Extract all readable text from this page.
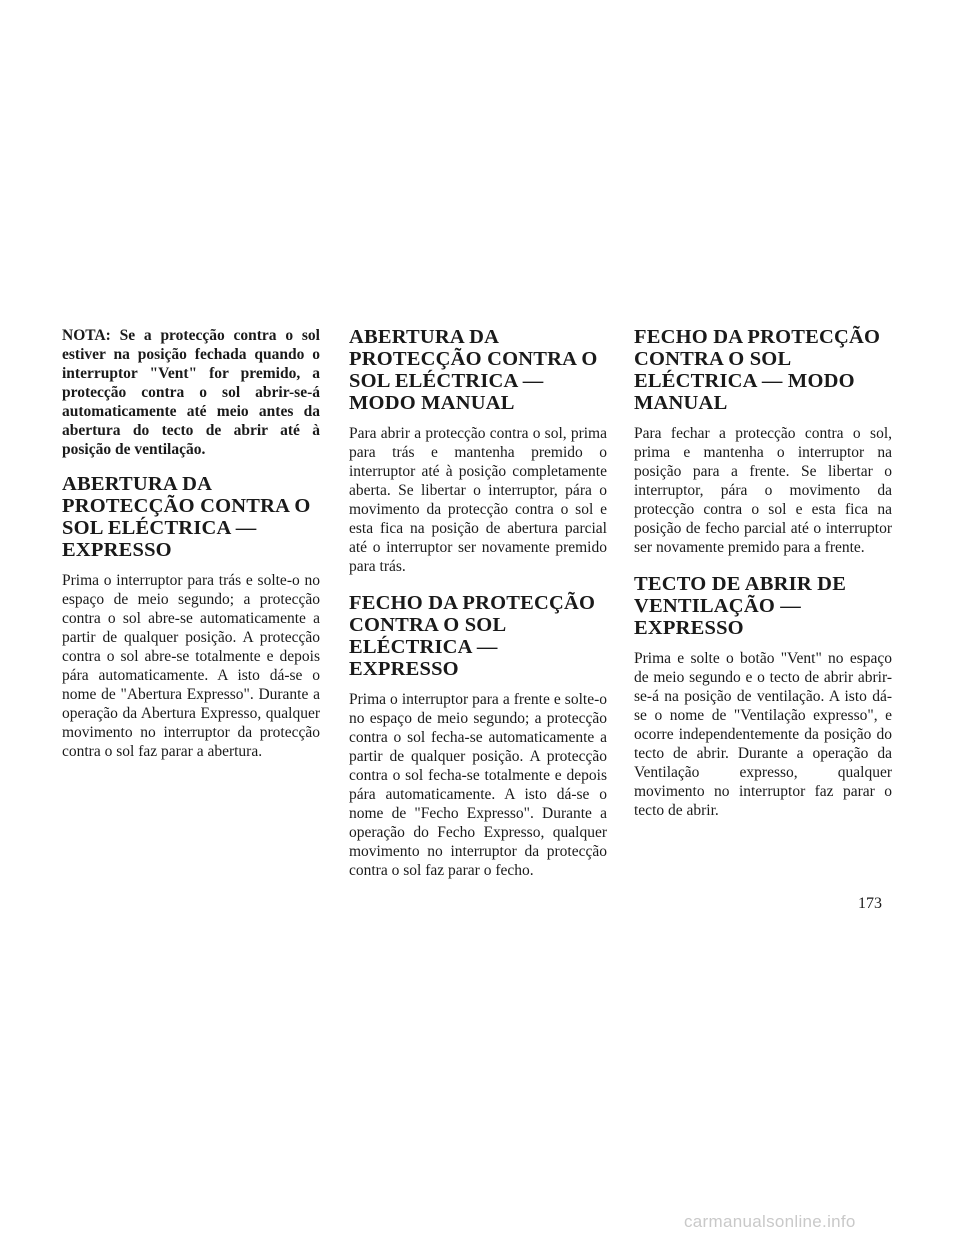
NOTA: Se a protecção contra o sol estiver na posição fechada quando o interruptor "Vent" for premido, a protecção contra o sol abrir-se-á automaticamente até meio antes da abertura do tecto de abrir até à posição de ventilação.

ABERTURA DA PROTECÇÃO CONTRA O SOL ELÉCTRICA — EXPRESSO

Prima o interruptor para trás e solte-o no espaço de meio segundo; a protecção contra o sol abre-se automaticamente a partir de qualquer posição. A protecção contra o sol abre-se totalmente e depois pára automaticamente. A isto dá-se o nome de "Abertura Expresso". Durante a operação da Abertura Expresso, qualquer movimento no interruptor da protecção contra o sol faz parar a abertura.

ABERTURA DA PROTECÇÃO CONTRA O SOL ELÉCTRICA — MODO MANUAL

Para abrir a protecção contra o sol, prima para trás e mantenha premido o interruptor até à posição completamente aberta. Se libertar o interruptor, pára o movimento da protecção contra o sol e esta fica na posição de abertura parcial até o interruptor ser novamente premido para trás.

FECHO DA PROTECÇÃO CONTRA O SOL ELÉCTRICA — EXPRESSO

Prima o interruptor para a frente e solte-o no espaço de meio segundo; a protecção contra o sol fecha-se automaticamente a partir de qualquer posição. A protecção contra o sol fecha-se totalmente e depois pára automaticamente. A isto dá-se o nome de "Fecho Expresso". Durante a operação do Fecho Expresso, qualquer movimento no interruptor da protecção contra o sol faz parar o fecho.

FECHO DA PROTECÇÃO CONTRA O SOL ELÉCTRICA — MODO MANUAL

Para fechar a protecção contra o sol, prima e mantenha o interruptor na posição para a frente. Se libertar o interruptor, pára o movimento da protecção contra o sol e esta fica na posição de fecho parcial até o interruptor ser novamente premido para a frente.

TECTO DE ABRIR DE VENTILAÇÃO — EXPRESSO

Prima e solte o botão "Vent" no espaço de meio segundo e o tecto de abrir abrir-se-á na posição de ventilação. A isto dá-se o nome de "Ventilação expresso", e ocorre independentemente da posição do tecto de abrir. Durante a operação da Ventilação expresso, qualquer movimento no interruptor faz parar o tecto de abrir.

173
carmanualsonline.info
